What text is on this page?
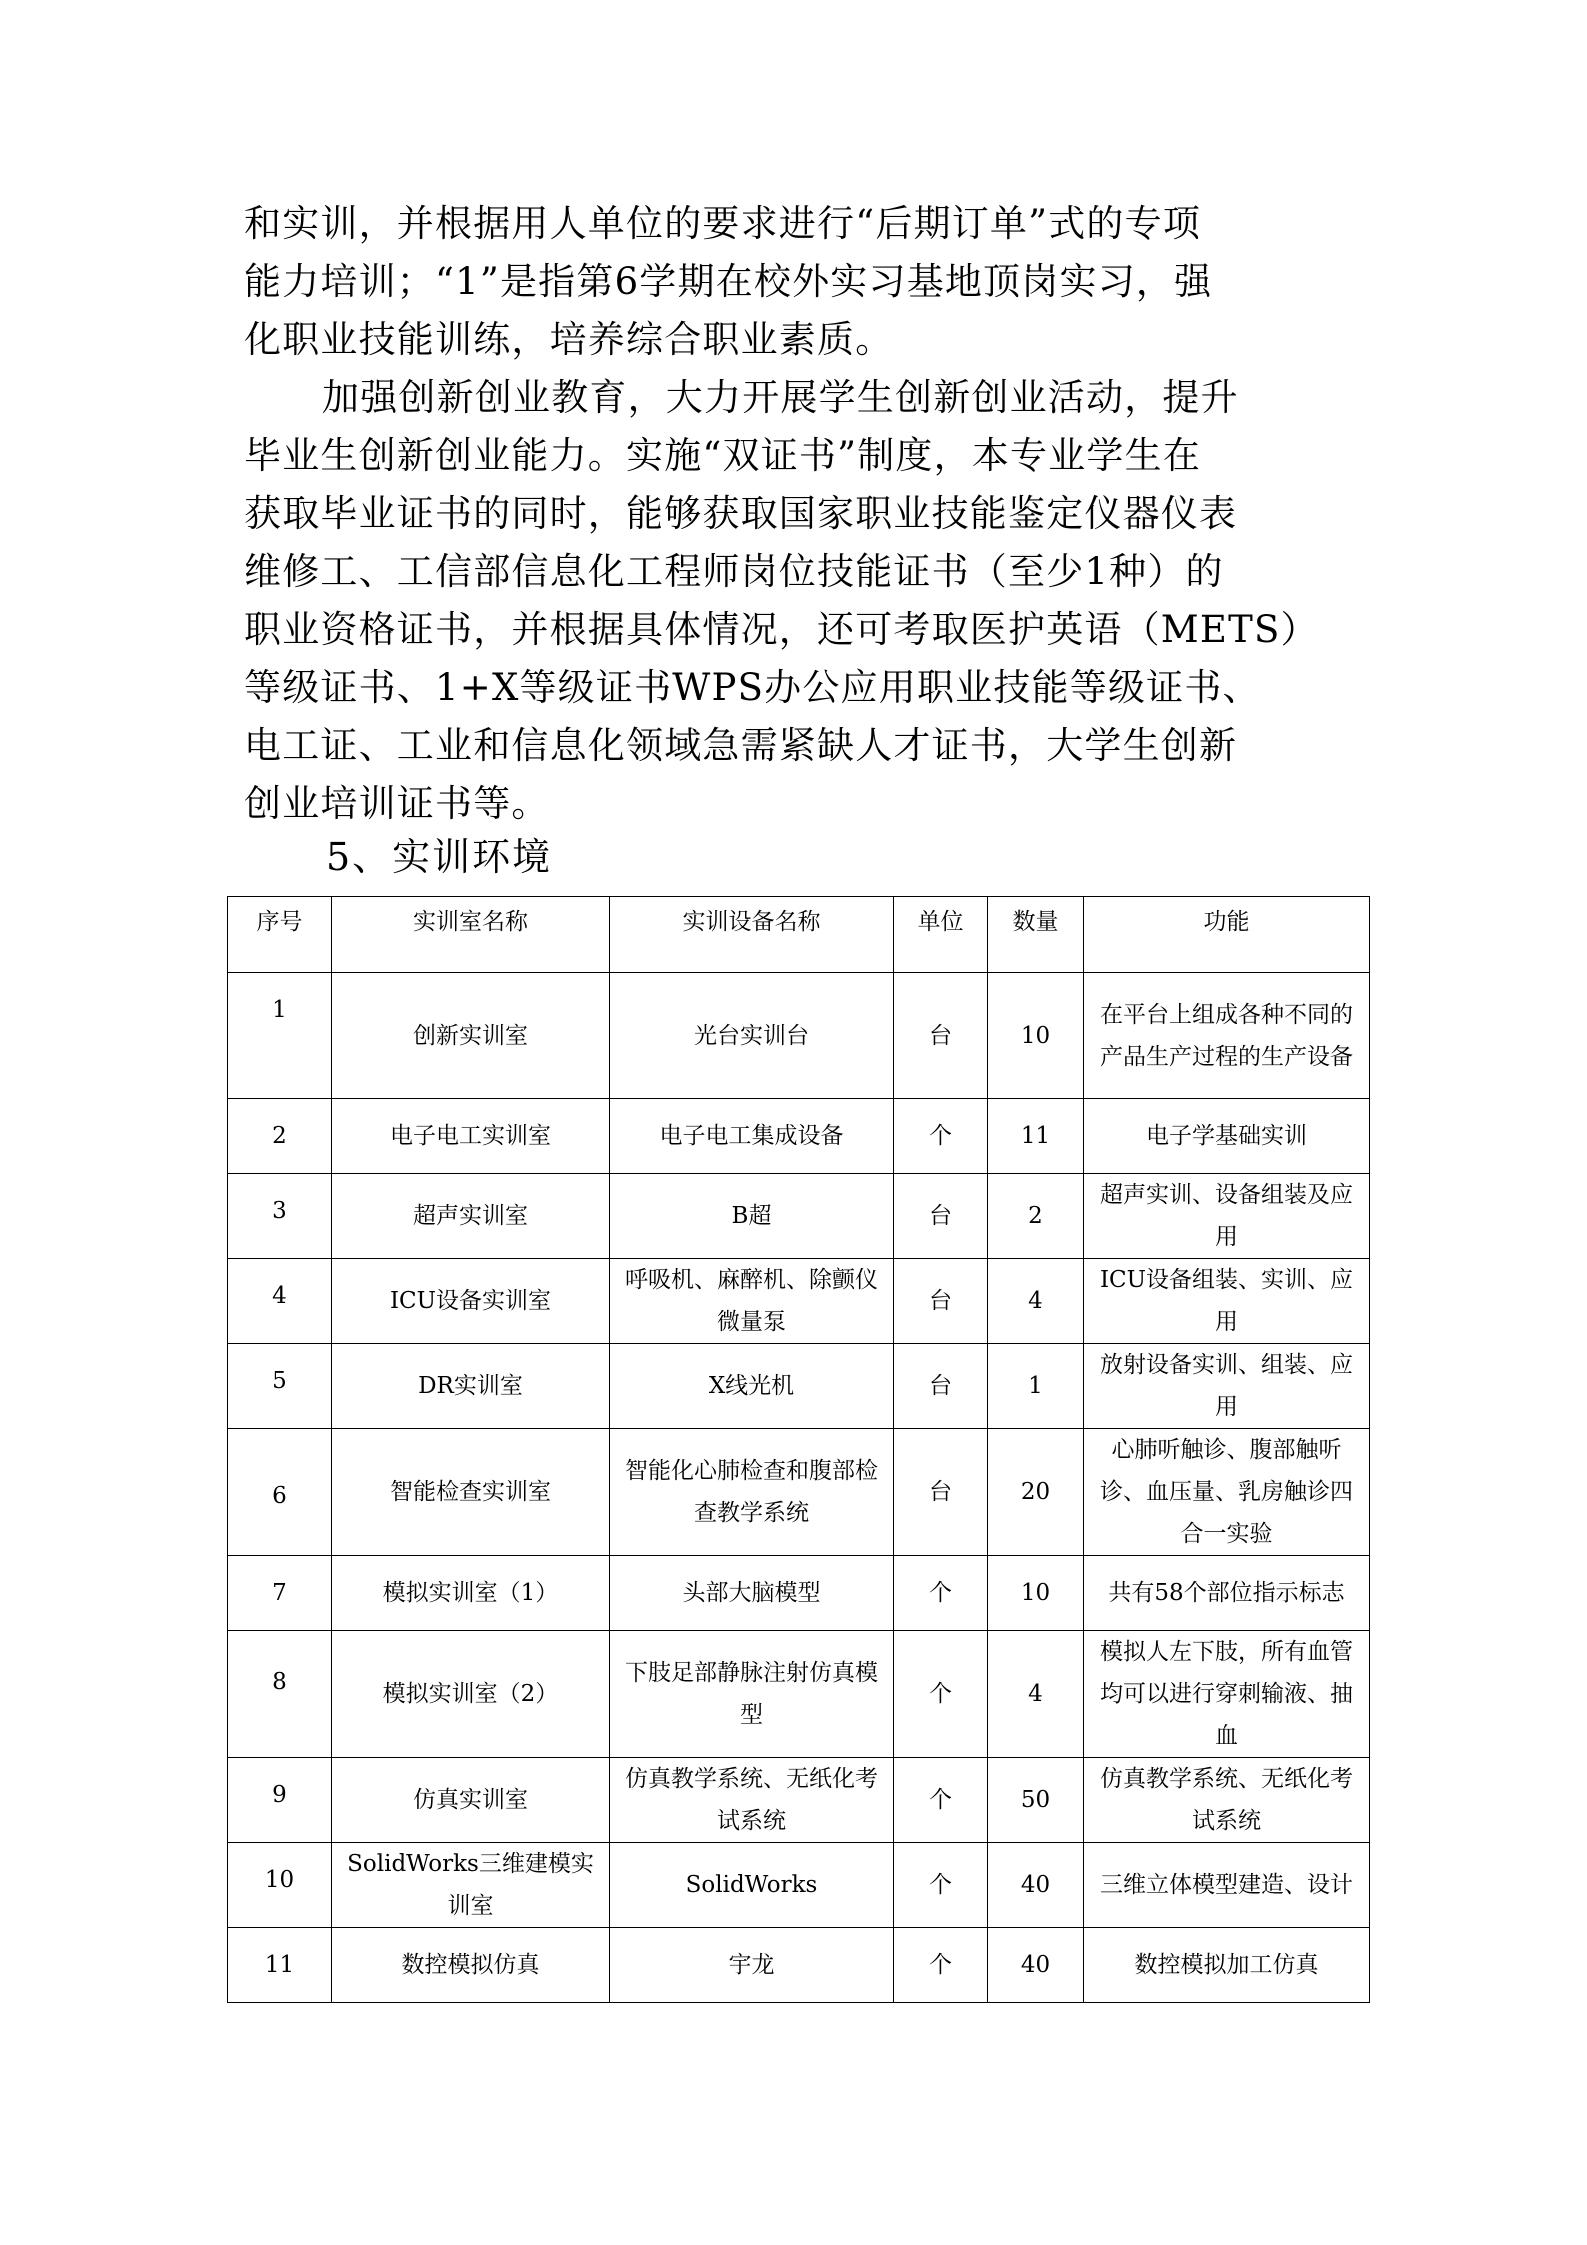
和实训，并根据用人单位的要求进行“后期订单”式的专项
能力培训；“1”是指第6学期在校外实习基地顶岗实习，强
化职业技能训练，培养综合职业素质。

加强创新创业教育，大力开展学生创新创业活动，提升
毕业生创新创业能力。实施“双证书”制度，本专业学生在
获取毕业证书的同时，能够获取国家职业技能鉴定仪器仪表
维修工、工信部信息化工程师岗位技能证书（至少1种）的
职业资格证书，并根据具体情况，还可考取医护英语（METS）
等级证书、1+X等级证书WPS办公应用职业技能等级证书、
电工证、工业和信息化领域急需紧缺人才证书，大学生创新
创业培训证书等。

5、实训环境
序号	实训室名称	实训设备名称	单位	数量	功能
1	创新实训室	光台实训台	台	10	在平台上组成各种不同的产品生产过程的生产设备
2	电子电工实训室	电子电工集成设备	个	11	电子学基础实训
3	超声实训室	B超	台	2	超声实训、设备组装及应用
4	ICU设备实训室	呼吸机、麻醉机、除颤仪微量泵	台	4	ICU设备组装、实训、应用
5	DR实训室	X线光机	台	1	放射设备实训、组装、应用
6	智能检查实训室	智能化心肺检查和腹部检查教学系统	台	20	心肺听触诊、腹部触听诊、血压量、乳房触诊四合一实验
7	模拟实训室（1）	头部大脑模型	个	10	共有58个部位指示标志
8	模拟实训室（2）	下肢足部静脉注射仿真模型	个	4	模拟人左下肢，所有血管均可以进行穿刺输液、抽血
9	仿真实训室	仿真教学系统、无纸化考试系统	个	50	仿真教学系统、无纸化考试系统
10	SolidWorks三维建模实训室	SolidWorks	个	40	三维立体模型建造、设计
11	数控模拟仿真	宇龙	个	40	数控模拟加工仿真
